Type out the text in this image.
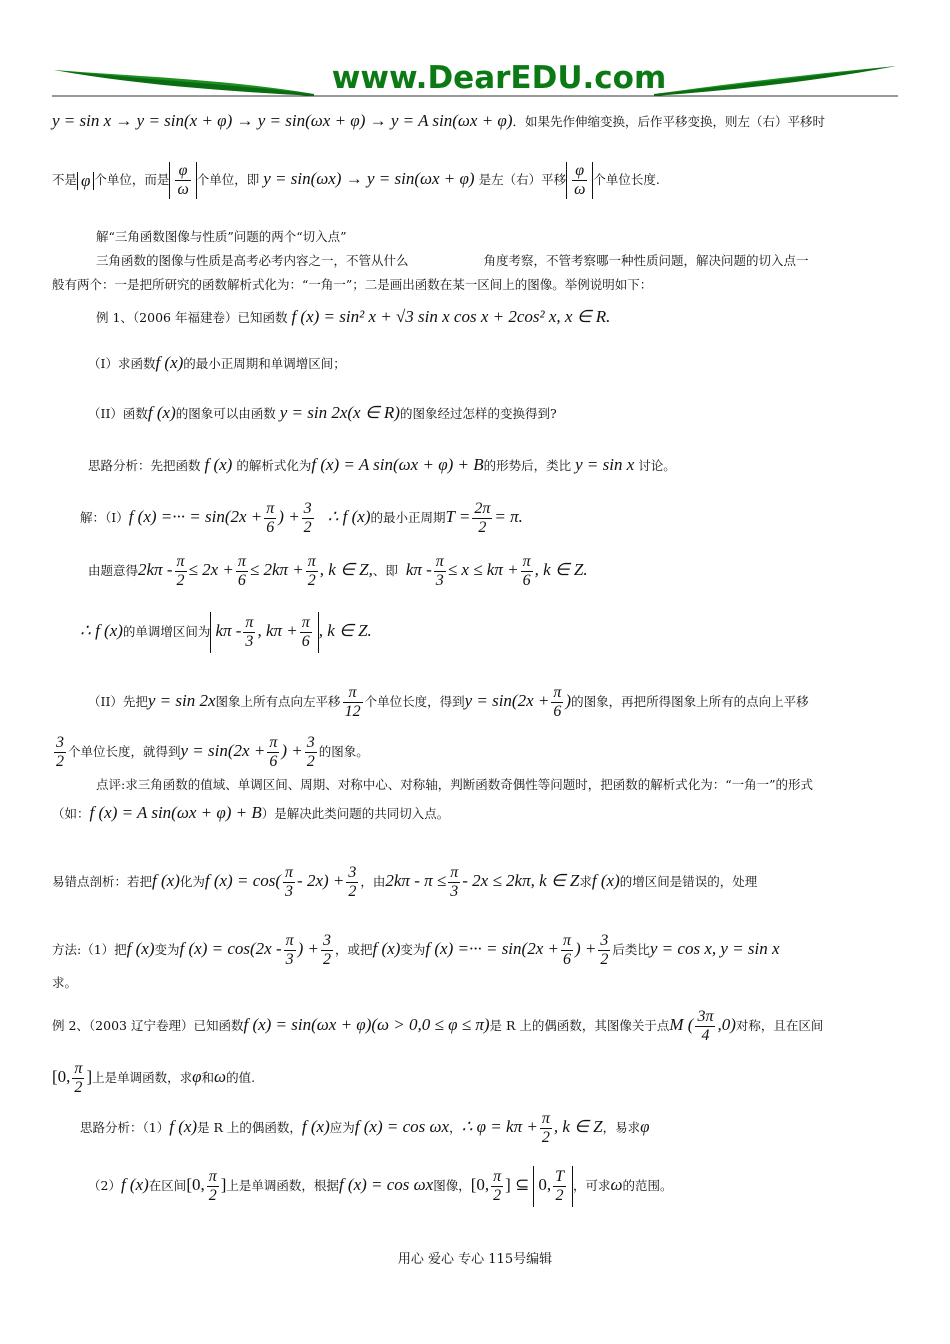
www.DearEDU.com
y = sin x → y = sin(x + φ) → y = sin(ωx + φ) → y = A sin(ωx + φ)．如果先作伸缩变换，后作平移变换，则左（右）平移时
不是 φ 个单位，而是 $\frac{\varphi}{\omega}$ 个单位，即 y = sin(ωx) → y = sin(ωx + φ) 是左（右）平移 $\frac{\varphi}{\omega}$ 个单位长度.
解“三角函数图像与性质”问题的两个“切入点”
三角函数的图像与性质是高考必考内容之一，不管从什么　　　　　　角度考察，不管考察哪一种性质问题，解决问题的切入点一
般有两个：一是把所研究的函数解析式化为：“一角一”；二是画出函数在某一区间上的图像。举例说明如下：
例 1、（2006 年福建卷）已知函数 f (x) = sin² x + √3 sin x cos x + 2cos² x, x ∈ R.
（I）求函数f (x)的最小正周期和单调增区间；
（II）函数f (x)的图象可以由函数 y = sin 2x(x ∈ R)的图象经过怎样的变换得到?
思路分析：先把函数 f (x) 的解析式化为f (x) = A sin(ωx + φ) + B的形势后，类比 y = sin x 讨论。
解：（I）f (x) =··· = $\sin(2x + \frac{\pi}{6}$ ) + $\frac{3}{2}$ ∴ f (x)的最小正周期$T = \frac{2\pi}{2} = \pi$.
由题意得$2k\pi - \frac{\pi}{2} \le 2x + \frac{\pi}{6} \le 2k\pi + \frac{\pi}{2}$ , k ∈ Z,、即 $k\pi - \frac{\pi}{3} \le x \le k\pi + \frac{\pi}{6}$ , k ∈ Z.
∴ f (x)的单调增区间为 kπ - $\frac{\pi}{3}$ , $k\pi + \frac{\pi}{6}$ , k ∈ Z.
（II）先把y = sin 2x图象上所有点向左平移 $\frac{\pi}{12}$ 个单位长度，得到$y = \sin(2x + \frac{\pi}{6}$ )的图象，再把所得图象上所有的点向上平移
$\frac{3}{2}$ 个单位长度，就得到$y = \sin(2x + \frac{\pi}{6}$ ) + $\frac{3}{2}$ 的图象。
点评:求三角函数的值域、单调区间、周期、对称中心、对称轴，判断函数奇偶性等问题时，把函数的解析式化为：“一角一”的形式
（如：f (x) = A sin(ωx + φ) + B）是解决此类问题的共同切入点。
易错点剖析：若把f (x)化为f $(x) = \cos( \frac{\pi}{3} - 2x) + \frac{3}{2}$ ，由$2k\pi - \pi \le \frac{\pi}{3} - 2x \le 2k\pi$, k ∈ Z求f (x)的增区间是错误的，处理
方法:（1）把f (x)变为f $(x) = \cos(2x - \frac{\pi}{3}$ ) + $\frac{3}{2}$ ，或把f (x)变为f (x) =··· = $\sin(2x + \frac{\pi}{6}$ ) + $\frac{3}{2}$ 后类比y = cos x, y = sin x
求。
例 2、（2003 辽宁卷理）已知函数f (x) = sin(ωx + φ)(ω > 0,0 ≤ φ ≤ π)是 R 上的偶函数，其图像关于点M ( $\frac{3\pi}{4} ,0$)对称，且在区间
[0, $\frac{\pi}{2}$ ]上是单调函数，求φ和ω的值.
思路分析：（1）f (x)是 R 上的偶函数，f (x)应为f (x) = cos ωx，∴ $\varphi = k\pi + \frac{\pi}{2}$ , k ∈ Z，易求φ
（2）f (x)在区间[0, $\frac{\pi}{2}$ ]上是单调函数，根据f (x) = cos ωx图像，[0, $\frac{\pi}{2}$ ] ⊆ 0, $\frac{T}{2}$ ，可求ω的范围。
用心 爱心 专心 115号编辑
